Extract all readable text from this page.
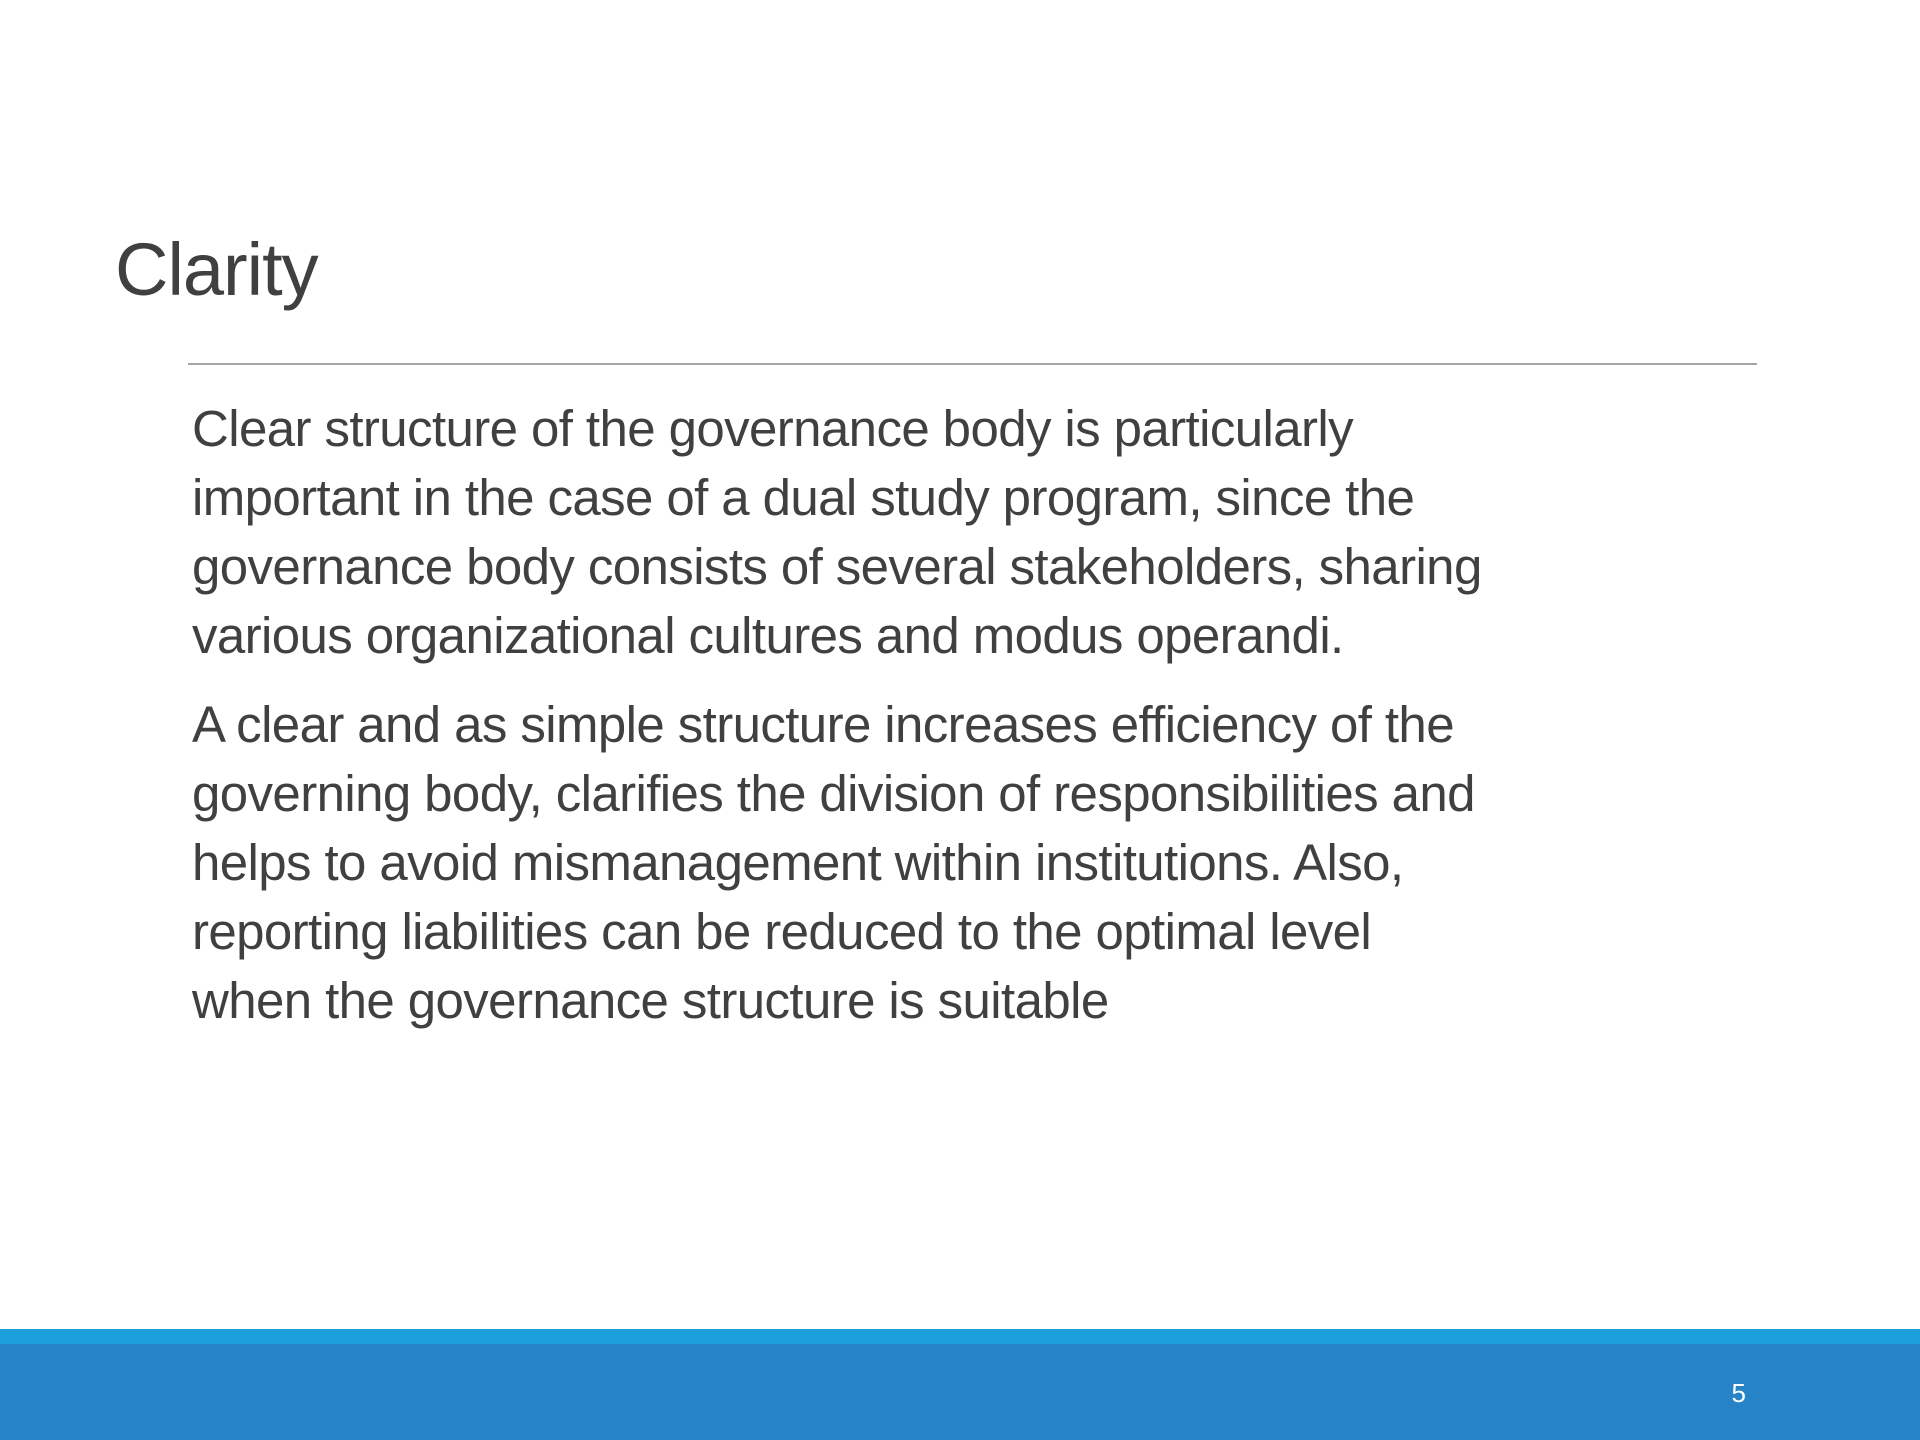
Clarity

Clear structure of the governance body is particularly
important in the case of a dual study program, since the
governance body consists of several stakeholders, sharing
various organizational cultures and modus operandi.

A clear and as simple structure increases efficiency of the
governing body, clarifies the division of responsibilities and
helps to avoid mismanagement within institutions. Also,
reporting liabilities can be reduced to the optimal level
when the governance structure is suitable

5
